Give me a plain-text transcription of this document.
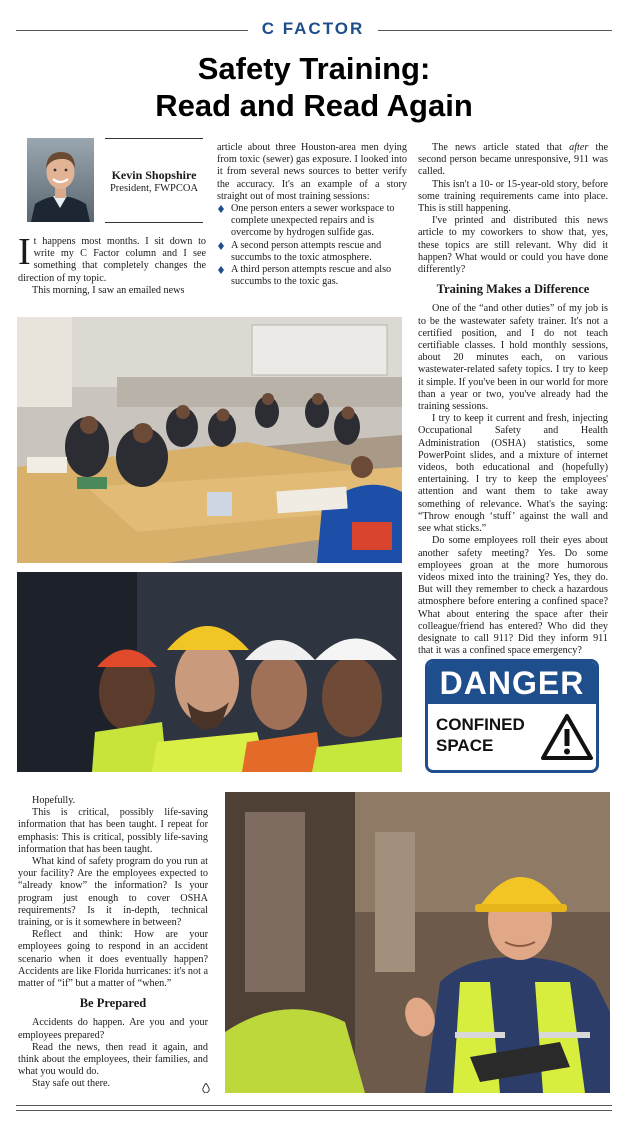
C FACTOR
Safety Training:
Read and Read Again
Kevin Shopshire
President, FWPCOA

It happens most months. I sit down to write my C Factor column and I see something that completely changes the direction of my topic.

This morning, I saw an emailed news

article about three Houston-area men dying from toxic (sewer) gas exposure. I looked into it from several news sources to better verify the accuracy. It's an example of a story straight out of most training sessions:

One person enters a sewer workspace to complete unexpected repairs and is overcome by hydrogen sulfide gas.
A second person attempts rescue and succumbs to the toxic atmosphere.
A third person attempts rescue and also succumbs to the toxic gas.

The news article stated that after the second person became unresponsive, 911 was called.

This isn't a 10- or 15-year-old story, before some training requirements came into place. This is still happening.

I've printed and distributed this news article to my coworkers to show that, yes, these topics are still relevant. Why did it happen? What would or could you have done differently?

Training Makes a Difference

One of the “and other duties” of my job is to be the wastewater safety trainer. It's not a certified position, and I do not teach certifiable classes. I hold monthly sessions, about 20 minutes each, on various wastewater-related safety topics. I try to keep it simple. If you've been in our world for more than a year or two, you've already had the training sessions.

I try to keep it current and fresh, injecting Occupational Safety and Health Administration (OSHA) statistics, some PowerPoint slides, and a mixture of internet videos, both educational and (hopefully) entertaining. I try to keep the employees' attention and want them to take away something of relevance. What's the saying: “Throw enough ‘stuff’ against the wall and see what sticks.”

Do some employees roll their eyes about another safety meeting? Yes. Do some employees groan at the more humorous videos mixed into the training? Yes, they do. But will they remember to check a hazardous atmosphere before entering a confined space? What about entering the space after their colleague/friend has entered? Who did they designate to call 911? Did they inform 911 that it was a confined space emergency?

DANGER
CONFINED
SPACE

Hopefully.

This is critical, possibly life-saving information that has been taught. I repeat for emphasis: This is critical, possibly life-saving information that has been taught.

What kind of safety program do you run at your facility? Are the employees expected to “already know” the information? Is your program just enough to cover OSHA requirements? Is it in-depth, technical training, or is it somewhere in between?

Reflect and think: How are your employees going to respond in an accident scenario when it does eventually happen? Accidents are like Florida hurricanes: it's not a matter of “if” but a matter of “when.”

Be Prepared

Accidents do happen. Are you and your employees prepared?

Read the news, then read it again, and think about the employees, their families, and what you would do.

Stay safe out there.
